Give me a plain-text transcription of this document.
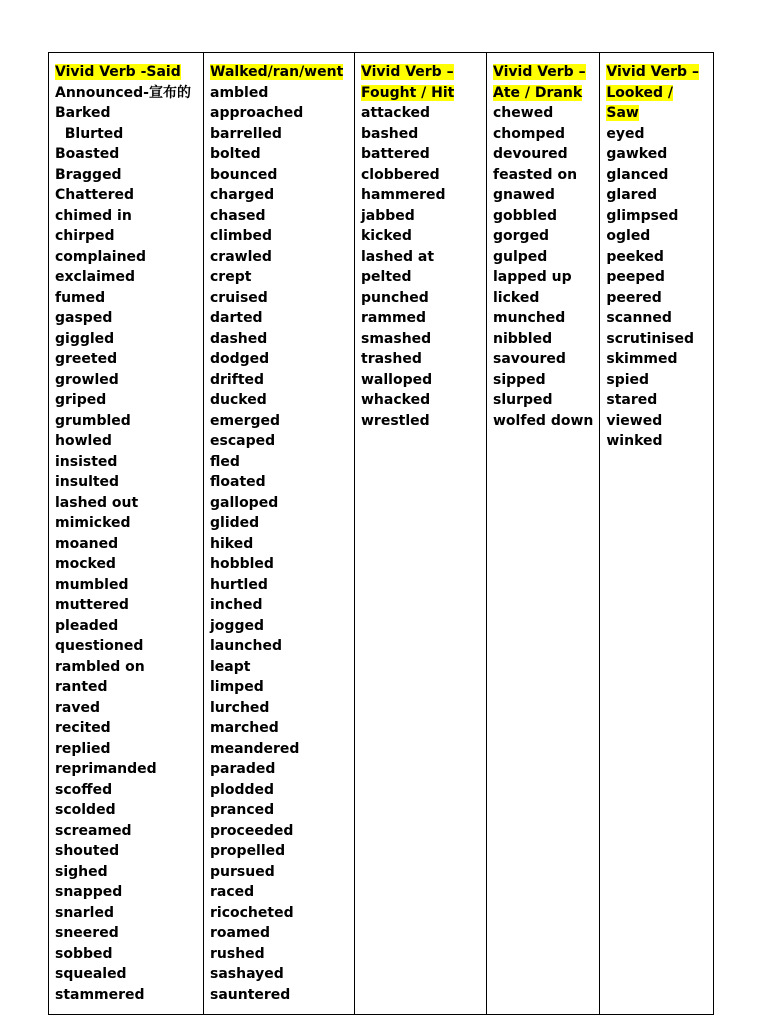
Vivid Verb -Said
Announced-宣布的
Barked
Blurted
Boasted
Bragged
Chattered
chimed in
chirped
complained
exclaimed
fumed
gasped
giggled
greeted
growled
griped
grumbled
howled
insisted
insulted
lashed out
mimicked
moaned
mocked
mumbled
muttered
pleaded
questioned
rambled on
ranted
raved
recited
replied
reprimanded
scoffed
scolded
screamed
shouted
sighed
snapped
snarled
sneered
sobbed
squealed
stammered

Walked/ran/went
ambled
approached
barrelled
bolted
bounced
charged
chased
climbed
crawled
crept
cruised
darted
dashed
dodged
drifted
ducked
emerged
escaped
fled
floated
galloped
glided
hiked
hobbled
hurtled
inched
jogged
launched
leapt
limped
lurched
marched
meandered
paraded
plodded
pranced
proceeded
propelled
pursued
raced
ricocheted
roamed
rushed
sashayed
sauntered

Vivid Verb –Fought / Hit
attacked
bashed
battered
clobbered
hammered
jabbed
kicked
lashed at
pelted
punched
rammed
smashed
trashed
walloped
whacked
wrestled

Vivid Verb –Ate / Drank
chewed
chomped
devoured
feasted on
gnawed
gobbled
gorged
gulped
lapped up
licked
munched
nibbled
savoured
sipped
slurped
wolfed down

Vivid Verb –Looked / Saw
eyed
gawked
glanced
glared
glimpsed
ogled
peeked
peeped
peered
scanned
scrutinised
skimmed
spied
stared
viewed
winked
